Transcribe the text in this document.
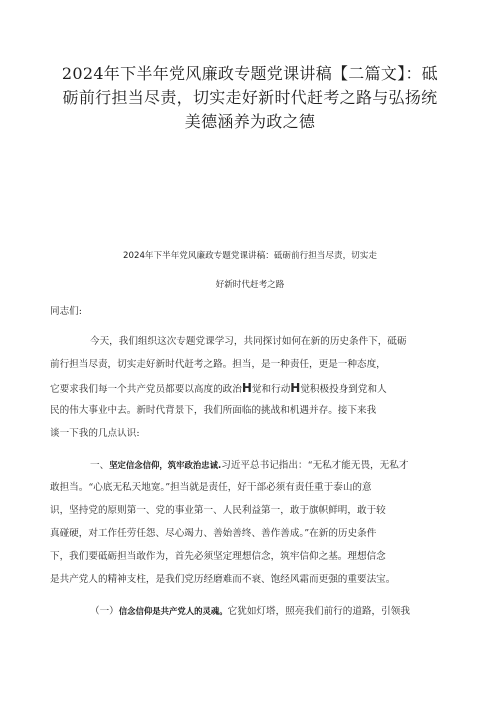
2024年下半年党风廉政专题党课讲稿【二篇文】：砥
砺前行担当尽责，切实走好新时代赶考之路与弘扬统
美德涵养为政之德

2024年下半年党风廉政专题党课讲稿：砥砺前行担当尽责，切实走

好新时代赶考之路

同志们:

今天，我们组织这次专题党课学习，共同探讨如何在新的历史条件下，砥砺

前行担当尽责，切实走好新时代赶考之路。担当，是一种责任，更是一种态度，

它要求我们每一个共产党员都要以高度的政治H觉和行动H觉积极投身到党和人

民的伟大事业中去。新时代背景下，我们所面临的挑战和机遇并存。接下来我

谈一下我的几点认识:

一、坚定信念信仰，筑牢政治忠诚.习近平总书记指出：“无私才能无畏，无私才

敢担当。“心底无私天地宽。”担当就是责任，好干部必须有责任重于泰山的意

识，坚持党的原则第一、党的事业第一、人民利益第一，敢于旗帜鲜明，敢于较

真碰硬，对工作任劳任怨、尽心竭力、善始善终、善作善成。”在新的历史条件

下，我们要砥砺担当敢作为，首先必须坚定理想信念，筑牢信仰之基。理想信念

是共产党人的精神支柱，是我们党历经磨难而不衰、饱经风霜而更强的重要法宝。

（一）信念信仰是共产党人的灵魂。它犹如灯塔，照亮我们前行的道路，引领我
